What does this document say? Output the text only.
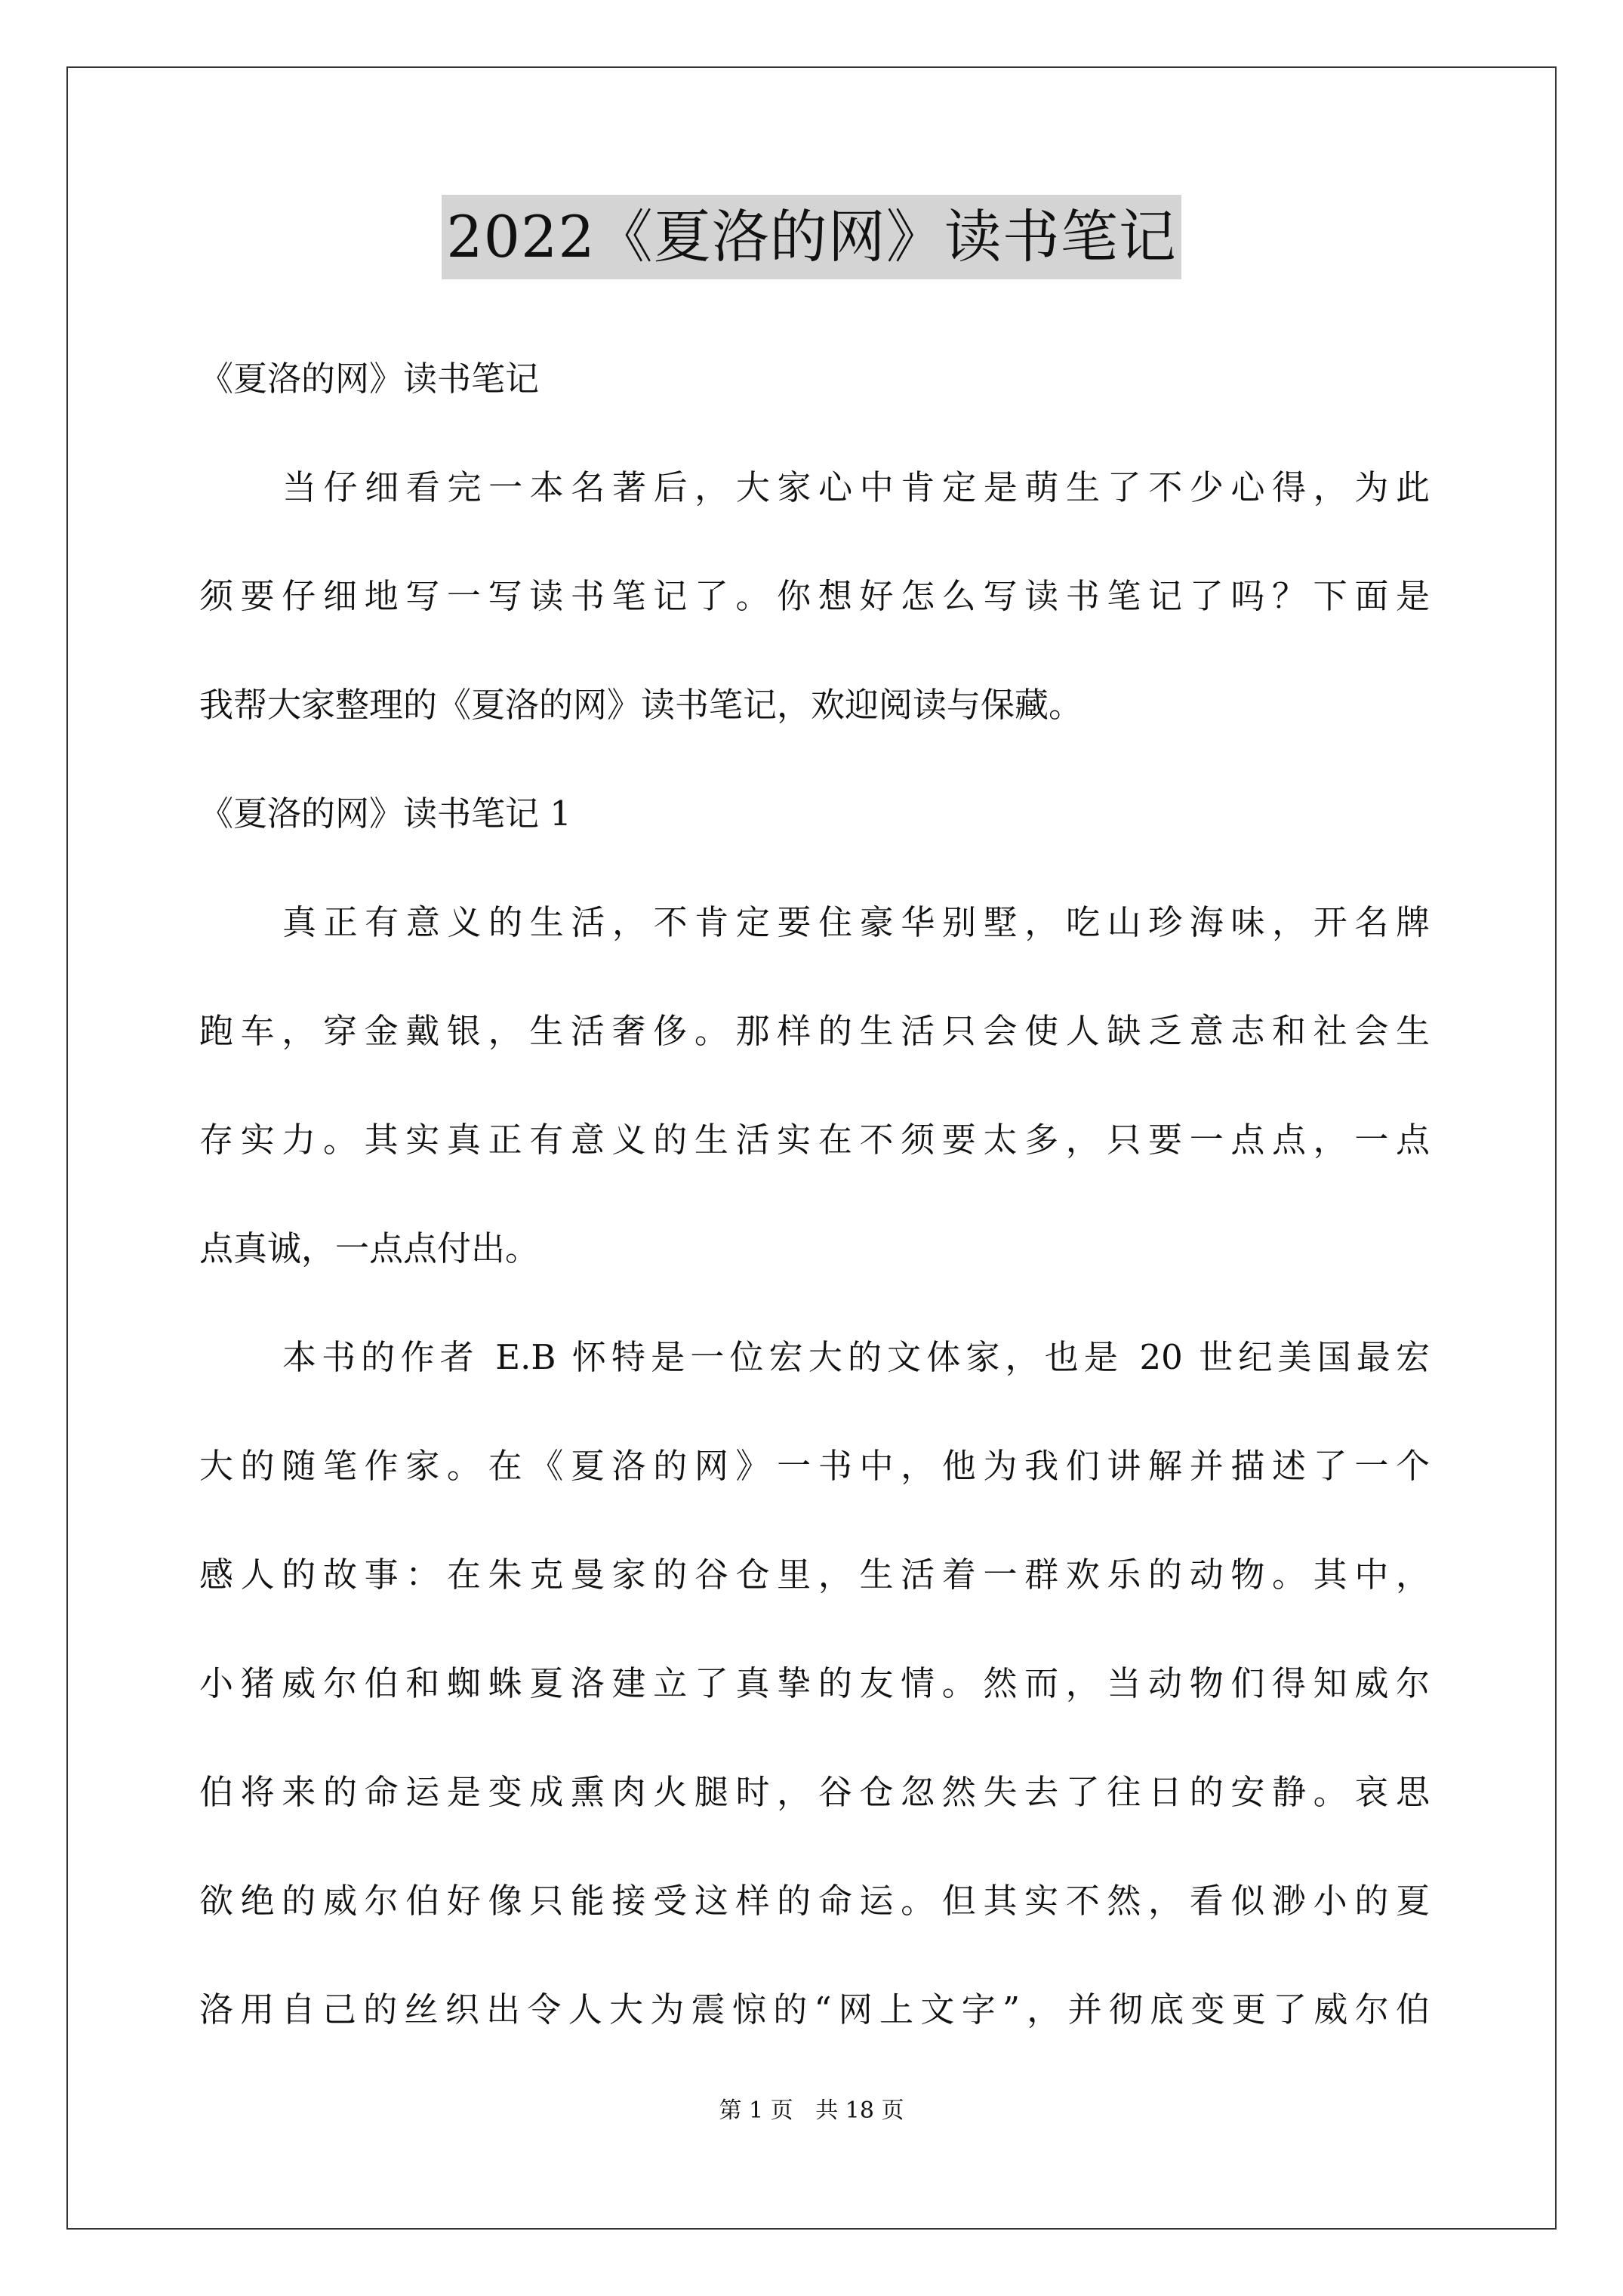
2022《夏洛的网》读书笔记
《夏洛的网》读书笔记
当仔细看完一本名著后，大家心中肯定是萌生了不少心得，为此
须要仔细地写一写读书笔记了。你想好怎么写读书笔记了吗？下面是
我帮大家整理的《夏洛的网》读书笔记，欢迎阅读与保藏。
《夏洛的网》读书笔记 1
真正有意义的生活，不肯定要住豪华别墅，吃山珍海味，开名牌
跑车，穿金戴银，生活奢侈。那样的生活只会使人缺乏意志和社会生
存实力。其实真正有意义的生活实在不须要太多，只要一点点，一点
点真诚，一点点付出。
本书的作者 E.B 怀特是一位宏大的文体家，也是 20 世纪美国最宏
大的随笔作家。在《夏洛的网》一书中，他为我们讲解并描述了一个
感人的故事：在朱克曼家的谷仓里，生活着一群欢乐的动物。其中，
小猪威尔伯和蜘蛛夏洛建立了真挚的友情。然而，当动物们得知威尔
伯将来的命运是变成熏肉火腿时，谷仓忽然失去了往日的安静。哀思
欲绝的威尔伯好像只能接受这样的命运。但其实不然，看似渺小的夏
洛用自己的丝织出令人大为震惊的“网上文字”，并彻底变更了威尔伯
第 1 页 共 18 页
